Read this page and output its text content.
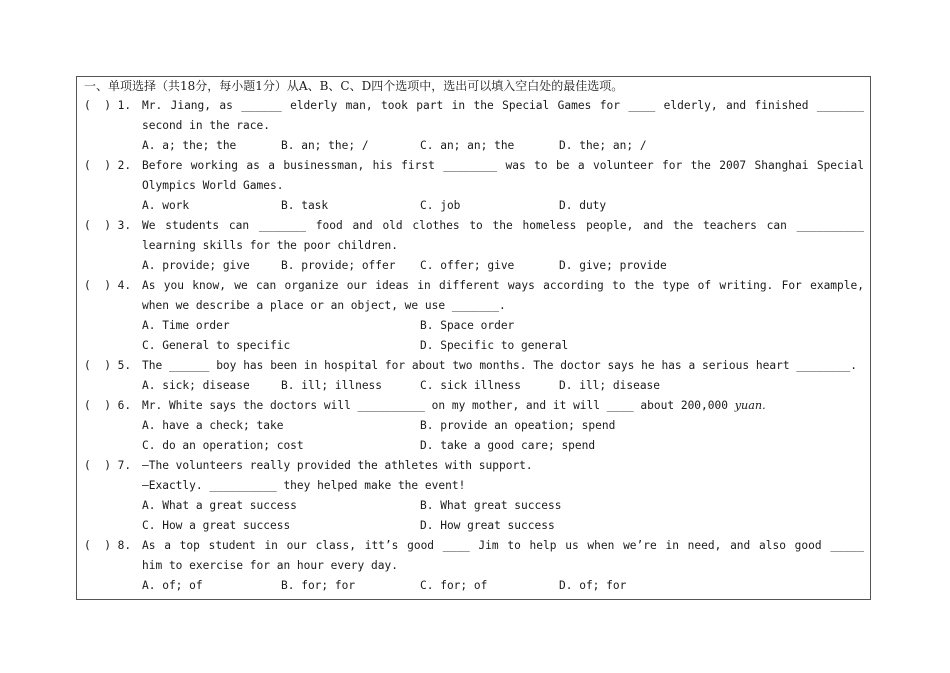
一、单项选择（共18分，每小题1分）从A、B、C、D四个选项中，选出可以填入空白处的最佳选项。
(  ) 1. Mr. Jiang, as ______ elderly man, took part in the Special Games for ____ elderly, and finished _______
second in the race.
A. a; the; the	B. an; the; /	C. an; an; the	D. the; an; /
(  ) 2. Before working as a businessman, his first ________ was to be a volunteer for the 2007 Shanghai Special
Olympics World Games.
A. work	B. task	C. job	D. duty
(  ) 3. We students can _______ food and old clothes to the homeless people, and the teachers can __________
learning skills for the poor children.
A. provide; give	B. provide; offer C. offer; give	D. give; provide
(  ) 4. As you know, we can organize our ideas in different ways according to the type of writing. For example,
when we describe a place or an object, we use _______.
A. Time order	B. Space order
C. General to specific	D. Specific to general
(  ) 5. The ______ boy has been in hospital for about two months. The doctor says he has a serious heart ________.
A. sick; disease	B. ill; illness	C. sick illness	D. ill; disease
(  ) 6. Mr. White says the doctors will __________ on my mother, and it will ____ about 200,000 yuan.
A. have a check; take	B. provide an opeation; spend
C. do an operation; cost	D. take a good care; spend
(  ) 7. —The volunteers really provided the athletes with support.
—Exactly. __________ they helped make the event!
A. What a great success	B. What great success
C. How a great success	D. How great success
(  ) 8. As a top student in our class, itt’s good ____ Jim to help us when we’re in need, and also good _____
him to exercise for an hour every day.
A. of; of	B. for; for	C. for; of	D. of; for
